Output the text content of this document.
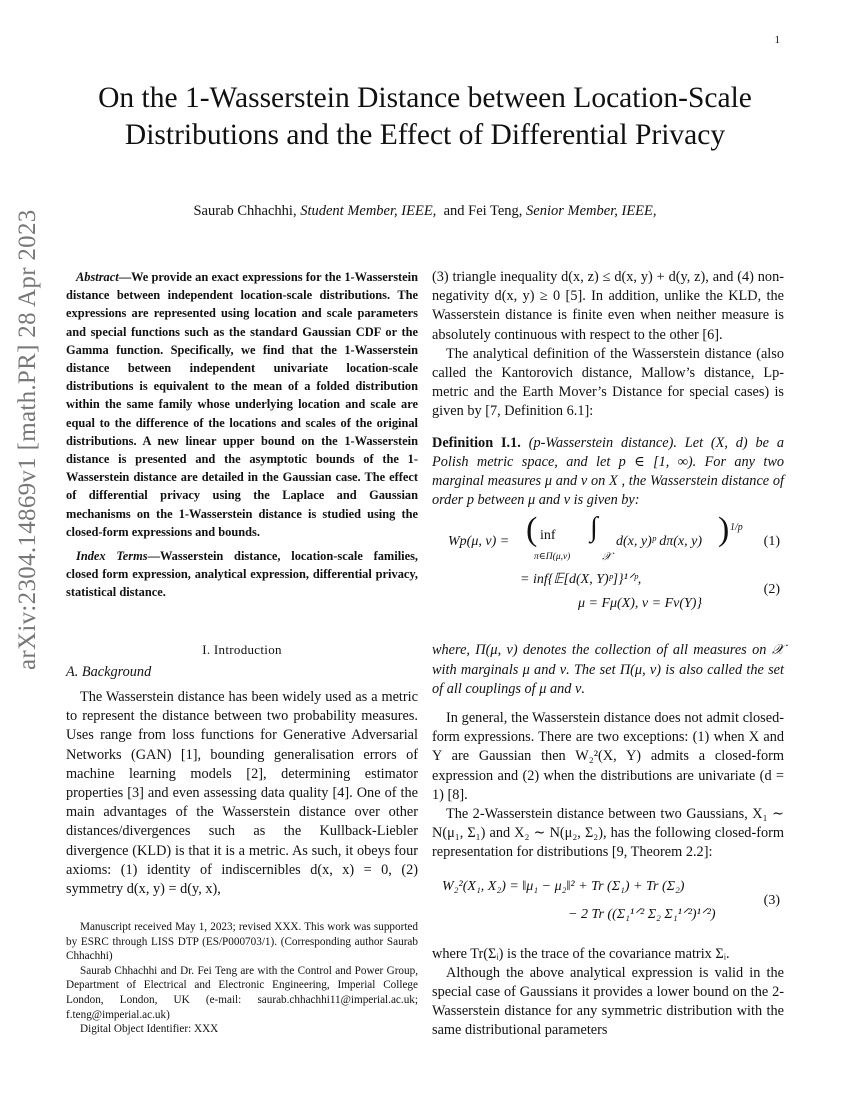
1
arXiv:2304.14869v1 [math.PR] 28 Apr 2023
On the 1-Wasserstein Distance between Location-Scale Distributions and the Effect of Differential Privacy
Saurab Chhachhi, Student Member, IEEE, and Fei Teng, Senior Member, IEEE,

Abstract—We provide an exact expressions for the 1-Wasserstein distance between independent location-scale distributions. The expressions are represented using location and scale parameters and special functions such as the standard Gaussian CDF or the Gamma function. Specifically, we find that the 1-Wasserstein distance between independent univariate location-scale distributions is equivalent to the mean of a folded distribution within the same family whose underlying location and scale are equal to the difference of the locations and scales of the original distributions. A new linear upper bound on the 1-Wasserstein distance is presented and the asymptotic bounds of the 1-Wasserstein distance are detailed in the Gaussian case. The effect of differential privacy using the Laplace and Gaussian mechanisms on the 1-Wasserstein distance is studied using the closed-form expressions and bounds.

Index Terms—Wasserstein distance, location-scale families, closed form expression, analytical expression, differential privacy, statistical distance.

I. Introduction

A. Background

The Wasserstein distance has been widely used as a metric to represent the distance between two probability measures. Uses range from loss functions for Generative Adversarial Networks (GAN) [1], bounding generalisation errors of machine learning models [2], determining estimator properties [3] and even assessing data quality [4]. One of the main advantages of the Wasserstein distance over other distances/divergences such as the Kullback-Liebler divergence (KLD) is that it is a metric. As such, it obeys four axioms: (1) identity of indiscernibles d(x, x) = 0, (2) symmetry d(x, y) = d(y, x),

Manuscript received May 1, 2023; revised XXX. This work was supported by ESRC through LISS DTP (ES/P000703/1). (Corresponding author Saurab Chhachhi)

Saurab Chhachhi and Dr. Fei Teng are with the Control and Power Group, Department of Electrical and Electronic Engineering, Imperial College London, London, UK (e-mail: saurab.chhachhi11@imperial.ac.uk; f.teng@imperial.ac.uk)

Digital Object Identifier: XXX

(3) triangle inequality d(x, z) ≤ d(x, y) + d(y, z), and (4) non-negativity d(x, y) ≥ 0 [5]. In addition, unlike the KLD, the Wasserstein distance is finite even when neither measure is absolutely continuous with respect to the other [6].

The analytical definition of the Wasserstein distance (also called the Kantorovich distance, Mallow’s distance, Lp-metric and the Earth Mover’s Distance for special cases) is given by [7, Definition 6.1]:

Definition I.1. (p-Wasserstein distance). Let (X, d) be a Polish metric space, and let p ∈ [1, ∞). For any two marginal measures μ and ν on X , the Wasserstein distance of order p between μ and ν is given by:

Wp(μ, ν) = ( inf
π∈Π(μ,ν)
∫
𝒳
d(x, y)ᵖ dπ(x, y) ) 1/p
(1)
= inf{𝔼[d(X, Y)ᵖ]}¹ᐟᵖ,
μ = Fμ(X), ν = Fν(Y)}
(2)

where, Π(μ, ν) denotes the collection of all measures on 𝒳 with marginals μ and ν. The set Π(μ, ν) is also called the set of all couplings of μ and ν.

In general, the Wasserstein distance does not admit closed-form expressions. There are two exceptions: (1) when X and Y are Gaussian then W₂²(X, Y) admits a closed-form expression and (2) when the distributions are univariate (d = 1) [8].

The 2-Wasserstein distance between two Gaussians, X₁ ∼ N(μ₁, Σ₁) and X₂ ∼ N(μ₂, Σ₂), has the following closed-form representation for distributions [9, Theorem 2.2]:

W₂²(X₁, X₂) = ‖μ₁ − μ₂‖² + Tr (Σ₁) + Tr (Σ₂)
− 2 Tr ((Σ₁¹ᐟ² Σ₂ Σ₁¹ᐟ²)¹ᐟ²)
(3)

where Tr(Σᵢ) is the trace of the covariance matrix Σᵢ.

Although the above analytical expression is valid in the special case of Gaussians it provides a lower bound on the 2-Wasserstein distance for any symmetric distribution with the same distributional parameters
